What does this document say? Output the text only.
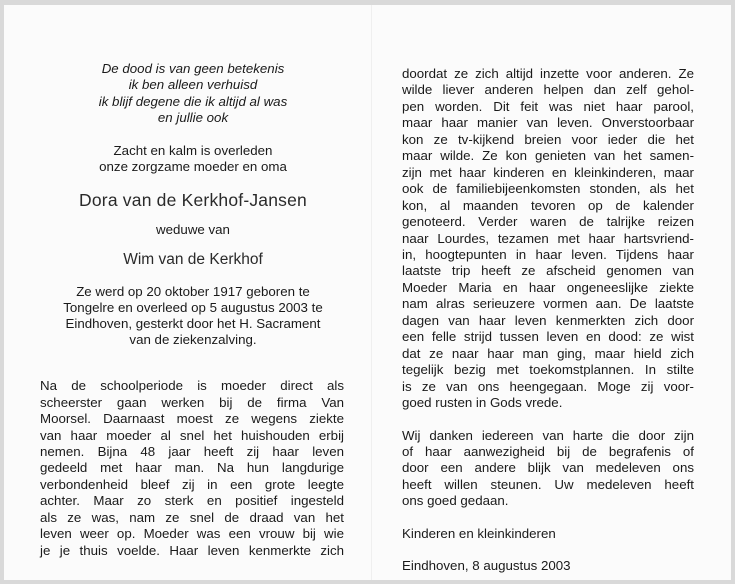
De dood is van geen betekenis
ik ben alleen verhuisd
ik blijf degene die ik altijd al was
en jullie ook
Zacht en kalm is overleden
onze zorgzame moeder en oma
Dora van de Kerkhof-Jansen
weduwe van
Wim van de Kerkhof
Ze werd op 20 oktober 1917 geboren te
Tongelre en overleed op 5 augustus 2003 te
Eindhoven, gesterkt door het H. Sacrament
van de ziekenzalving.
Na de schoolperiode is moeder direct als
scheerster gaan werken bij de firma Van
Moorsel. Daarnaast moest ze wegens ziekte
van haar moeder al snel het huishouden erbij
nemen. Bijna 48 jaar heeft zij haar leven
gedeeld met haar man. Na hun langdurige
verbondenheid bleef zij in een grote leegte
achter. Maar zo sterk en positief ingesteld
als ze was, nam ze snel de draad van het
leven weer op. Moeder was een vrouw bij wie
je je thuis voelde. Haar leven kenmerkte zich
doordat ze zich altijd inzette voor anderen. Ze
wilde liever anderen helpen dan zelf gehol-
pen worden. Dit feit was niet haar parool,
maar haar manier van leven. Onverstoorbaar
kon ze tv-kijkend breien voor ieder die het
maar wilde. Ze kon genieten van het samen-
zijn met haar kinderen en kleinkinderen, maar
ook de familiebijeenkomsten stonden, als het
kon, al maanden tevoren op de kalender
genoteerd. Verder waren de talrijke reizen
naar Lourdes, tezamen met haar hartsvriend-
in, hoogtepunten in haar leven. Tijdens haar
laatste trip heeft ze afscheid genomen van
Moeder Maria en haar ongeneeslijke ziekte
nam alras serieuzere vormen aan. De laatste
dagen van haar leven kenmerkten zich door
een felle strijd tussen leven en dood: ze wist
dat ze naar haar man ging, maar hield zich
tegelijk bezig met toekomstplannen. In stilte
is ze van ons heengegaan. Moge zij voor-
goed rusten in Gods vrede.
Wij danken iedereen van harte die door zijn
of haar aanwezigheid bij de begrafenis of
door een andere blijk van medeleven ons
heeft willen steunen. Uw medeleven heeft
ons goed gedaan.
Kinderen en kleinkinderen
Eindhoven, 8 augustus 2003
